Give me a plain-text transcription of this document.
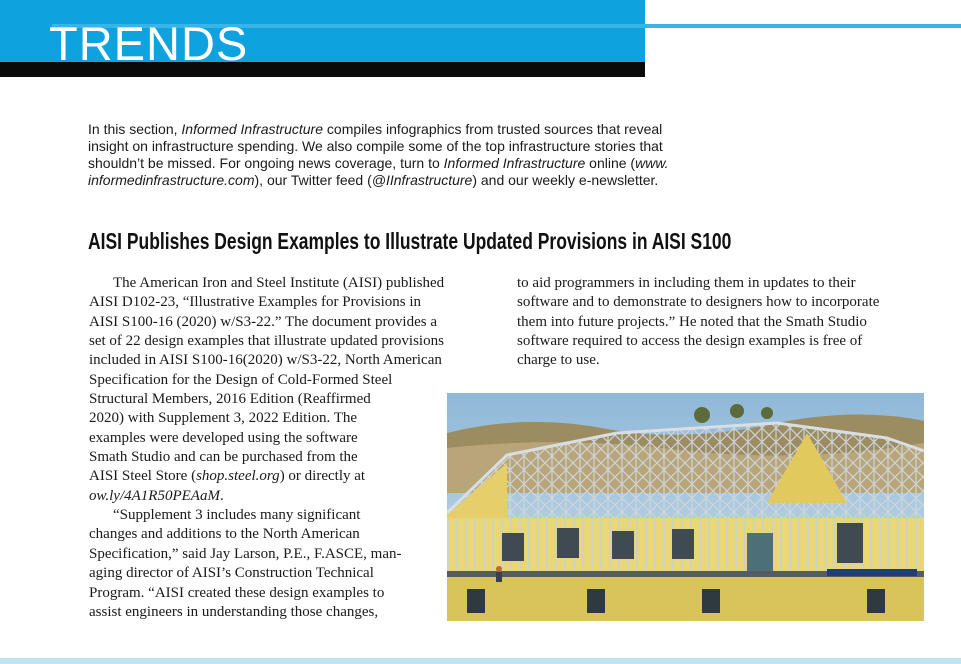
TRENDS
In this section, Informed Infrastructure compiles infographics from trusted sources that reveal
insight on infrastructure spending. We also compile some of the top infrastructure stories that
shouldn’t be missed. For ongoing news coverage, turn to Informed Infrastructure online (www.
informedinfrastructure.com), our Twitter feed (@IInfrastructure) and our weekly e-newsletter.
AISI Publishes Design Examples to Illustrate Updated Provisions in AISI S100
The American Iron and Steel Institute (AISI) published
AISI D102-23, “Illustrative Examples for Provisions in
AISI S100-16 (2020) w/S3-22.” The document provides a
set of 22 design examples that illustrate updated provisions
included in AISI S100-16(2020) w/S3-22, North American
Specification for the Design of Cold-Formed Steel
Structural Members, 2016 Edition (Reaffirmed
2020) with Supplement 3, 2022 Edition. The
examples were developed using the software
Smath Studio and can be purchased from the
AISI Steel Store (shop.steel.org) or directly at
ow.ly/4A1R50PEAaM.
“Supplement 3 includes many significant
changes and additions to the North American
Specification,” said Jay Larson, P.E., F.ASCE, man-
aging director of AISI’s Construction Technical
Program. “AISI created these design examples to
assist engineers in understanding those changes,
to aid programmers in including them in updates to their
software and to demonstrate to designers how to incorporate
them into future projects.” He noted that the Smath Studio
software required to access the design examples is free of
charge to use.
